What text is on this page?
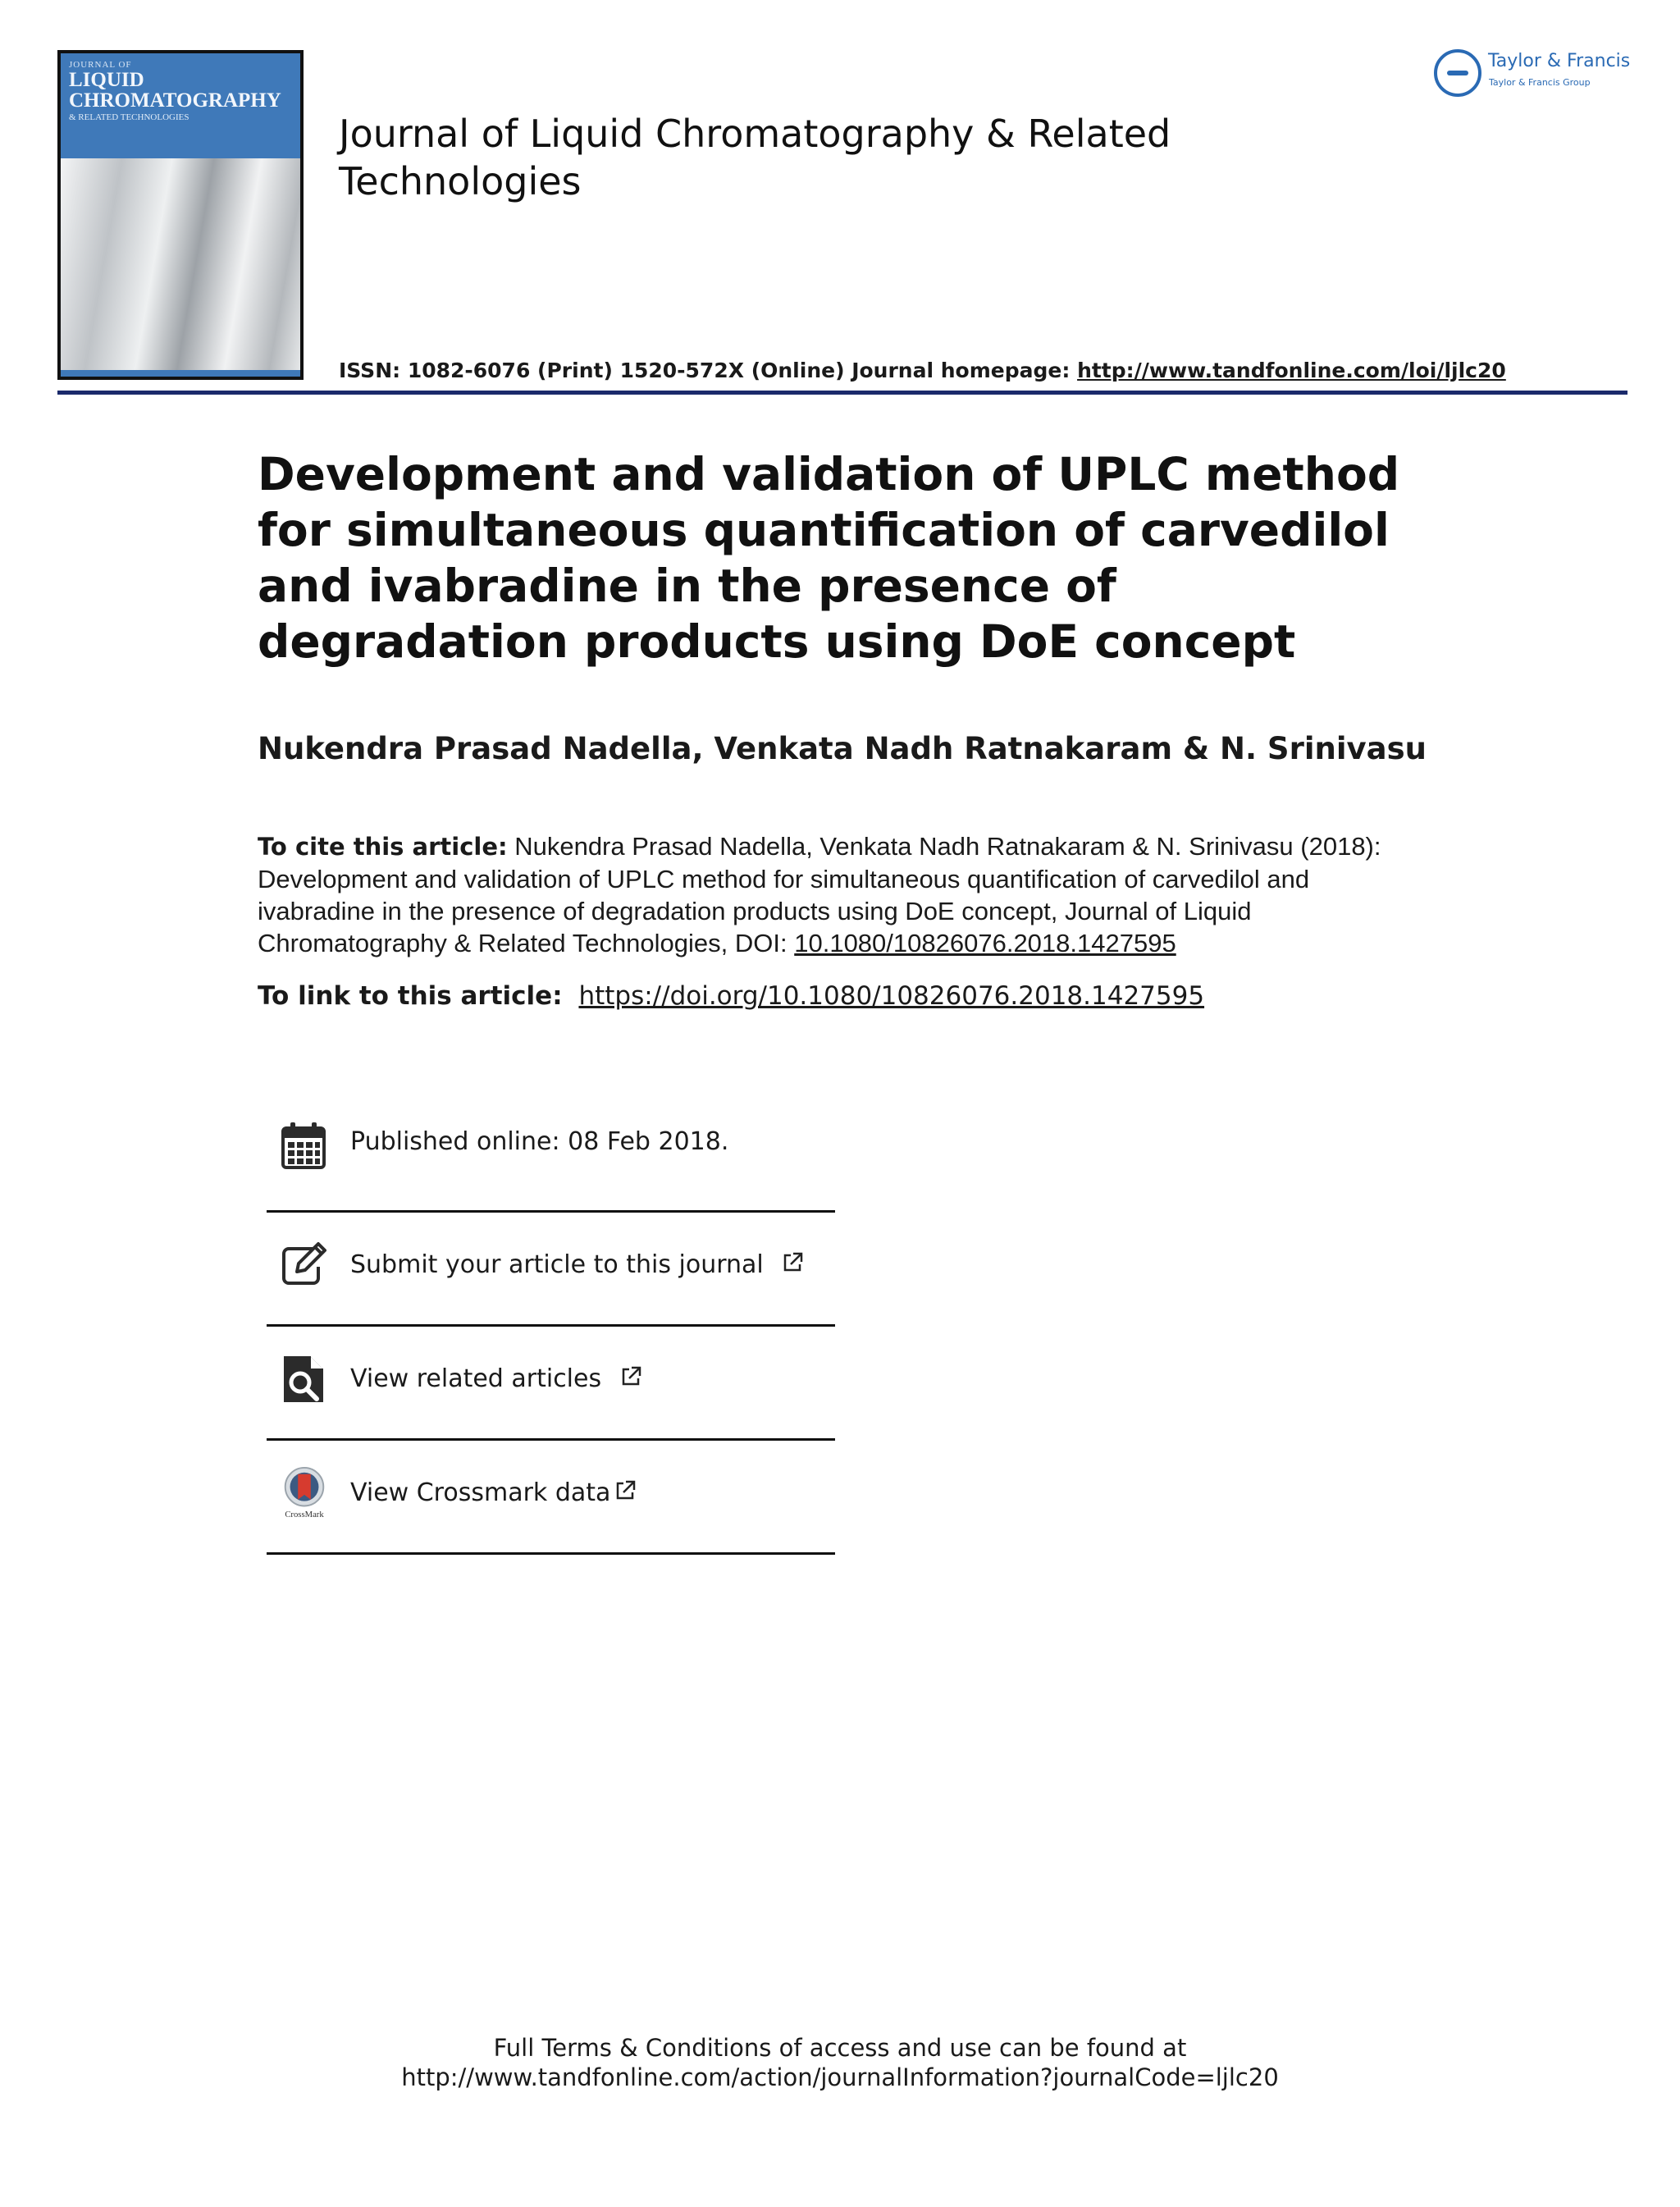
JOURNAL OF
LIQUID
CHROMATOGRAPHY
& RELATED TECHNOLOGIES	Journal of Liquid Chromatography & Related Technologies
Taylor & Francis
Taylor & Francis Group
ISSN: 1082-6076 (Print) 1520-572X (Online) Journal homepage: http://www.tandfonline.com/loi/ljlc20
Development and validation of UPLC method for simultaneous quantification of carvedilol and ivabradine in the presence of degradation products using DoE concept
Nukendra Prasad Nadella, Venkata Nadh Ratnakaram & N. Srinivasu
To cite this article: Nukendra Prasad Nadella, Venkata Nadh Ratnakaram & N. Srinivasu (2018): Development and validation of UPLC method for simultaneous quantification of carvedilol and ivabradine in the presence of degradation products using DoE concept, Journal of Liquid Chromatography & Related Technologies, DOI: 10.1080/10826076.2018.1427595
To link to this article: https://doi.org/10.1080/10826076.2018.1427595
Published online: 08 Feb 2018.
Submit your article to this journal
View related articles
CrossMark
View Crossmark data
Full Terms & Conditions of access and use can be found at
http://www.tandfonline.com/action/journalInformation?journalCode=ljlc20
